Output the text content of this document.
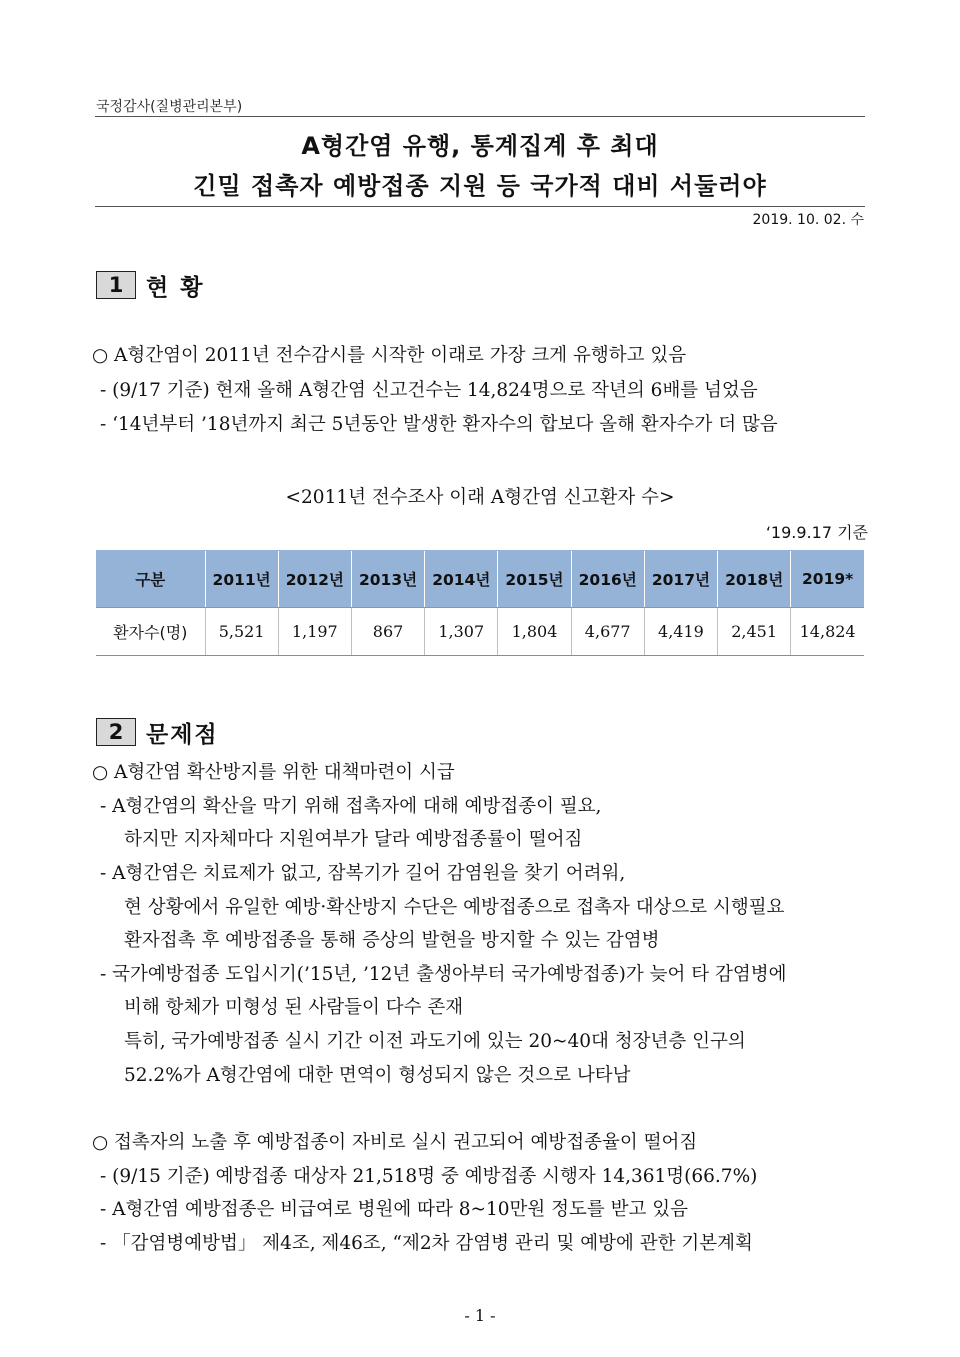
국정감사(질병관리본부)
A형간염 유행, 통계집계 후 최대
긴밀 접촉자 예방접종 지원 등 국가적 대비 서둘러야
2019. 10. 02. 수
1 현 황
○ A형간염이 2011년 전수감시를 시작한 이래로 가장 크게 유행하고 있음
- (9/17 기준) 현재 올해 A형간염 신고건수는 14,824명으로 작년의 6배를 넘었음
- ‘14년부터 ’18년까지 최근 5년동안 발생한 환자수의 합보다 올해 환자수가 더 많음
<2011년 전수조사 이래 A형간염 신고환자 수>
‘19.9.17 기준
구분	2011년	2012년	2013년	2014년	2015년	2016년	2017년	2018년	2019*
환자수(명)	5,521	1,197	867	1,307	1,804	4,677	4,419	2,451	14,824
2 문제점
○ A형간염 확산방지를 위한 대책마련이 시급
- A형간염의 확산을 막기 위해 접촉자에 대해 예방접종이 필요,
하지만 지자체마다 지원여부가 달라 예방접종률이 떨어짐
- A형간염은 치료제가 없고, 잠복기가 길어 감염원을 찾기 어려워,
현 상황에서 유일한 예방·확산방지 수단은 예방접종으로 접촉자 대상으로 시행필요
환자접촉 후 예방접종을 통해 증상의 발현을 방지할 수 있는 감염병
- 국가예방접종 도입시기(’15년, ’12년 출생아부터 국가예방접종)가 늦어 타 감염병에
비해 항체가 미형성 된 사람들이 다수 존재
특히, 국가예방접종 실시 기간 이전 과도기에 있는 20~40대 청장년층 인구의
52.2%가 A형간염에 대한 면역이 형성되지 않은 것으로 나타남
○ 접촉자의 노출 후 예방접종이 자비로 실시 권고되어 예방접종율이 떨어짐
- (9/15 기준) 예방접종 대상자 21,518명 중 예방접종 시행자 14,361명(66.7%)
- A형간염 예방접종은 비급여로 병원에 따라 8~10만원 정도를 받고 있음
- 「감염병예방법」 제4조, 제46조, “제2차 감염병 관리 및 예방에 관한 기본계획
- 1 -
